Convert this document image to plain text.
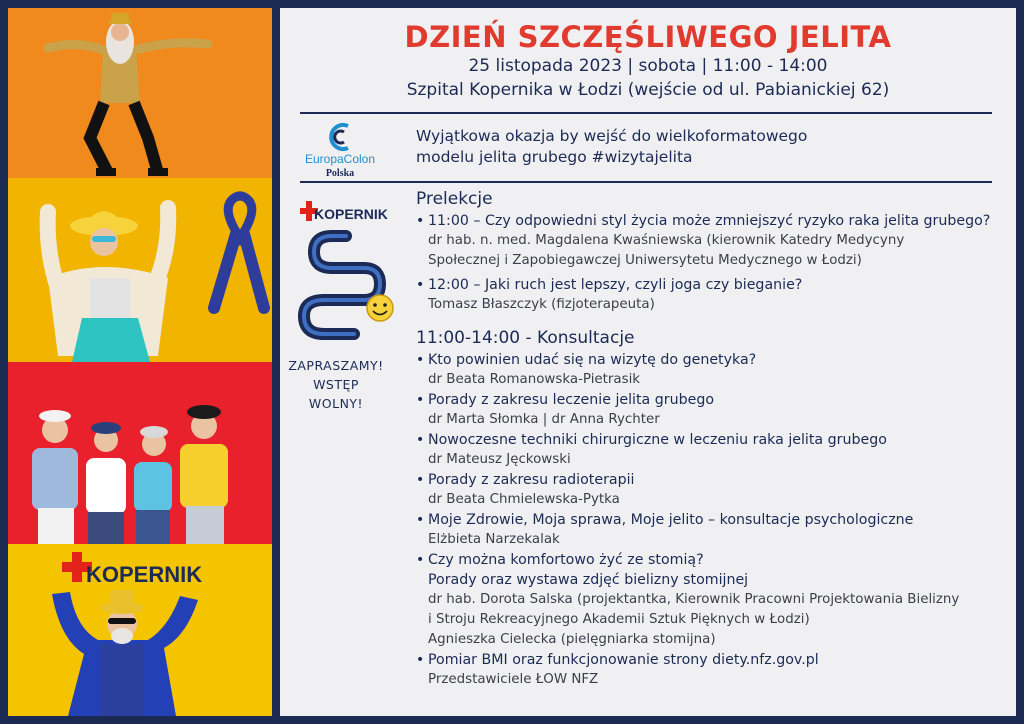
KOPERNIK
DZIEŃ SZCZĘŚLIWEGO JELITA
25 listopada 2023 | sobota | 11:00 - 14:00
Szpital Kopernika w Łodzi (wejście od ul. Pabianickiej 62)
EuropaColon
Polska
Wyjątkowa okazja by wejść do wielkoformatowego
modelu jelita grubego #wizytajelita
KOPERNIK
ZAPRASZAMY!
WSTĘP WOLNY!
Prelekcje
• 11:00 – Czy odpowiedni styl życia może zmniejszyć ryzyko raka jelita grubego?
dr hab. n. med. Magdalena Kwaśniewska (kierownik Katedry Medycyny
Społecznej i Zapobiegawczej Uniwersytetu Medycznego w Łodzi)
• 12:00 – Jaki ruch jest lepszy, czyli joga czy bieganie?
Tomasz Błaszczyk (fizjoterapeuta)
11:00-14:00 - Konsultacje
• Kto powinien udać się na wizytę do genetyka?
dr Beata Romanowska-Pietrasik
• Porady z zakresu leczenie jelita grubego
dr Marta Słomka | dr Anna Rychter
• Nowoczesne techniki chirurgiczne w leczeniu raka jelita grubego
dr Mateusz Jęckowski
• Porady z zakresu radioterapii
dr Beata Chmielewska-Pytka
• Moje Zdrowie, Moja sprawa, Moje jelito – konsultacje psychologiczne
Elżbieta Narzekalak
• Czy można komfortowo żyć ze stomią?
Porady oraz wystawa zdjęć bielizny stomijnej
dr hab. Dorota Salska (projektantka, Kierownik Pracowni Projektowania Bielizny
i Stroju Rekreacyjnego Akademii Sztuk Pięknych w Łodzi)
Agnieszka Cielecka (pielęgniarka stomijna)
• Pomiar BMI oraz funkcjonowanie strony diety.nfz.gov.pl
Przedstawiciele ŁOW NFZ
